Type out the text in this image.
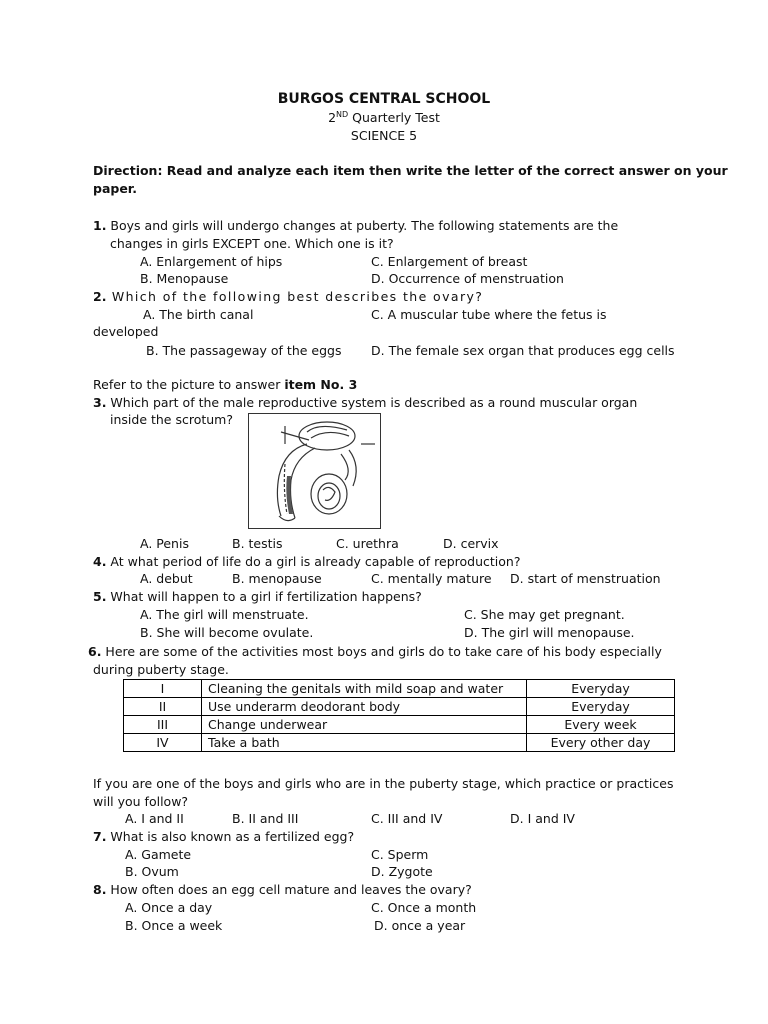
BURGOS CENTRAL SCHOOL
2ND Quarterly Test
SCIENCE 5
Direction: Read and analyze each item then write the letter of the correct answer on your
paper.
1. Boys and girls will undergo changes at puberty. The following statements are the
changes in girls EXCEPT one. Which one is it?
A. Enlargement of hips	C. Enlargement of breast
B. Menopause	D. Occurrence of menstruation
2. Which of the following best describes the ovary?
A. The birth canal	C. A muscular tube where the fetus is
developed
B. The passageway of the eggs D. The female sex organ that produces egg cells
Refer to the picture to answer item No. 3
3. Which part of the male reproductive system is described as a round muscular organ
inside the scrotum?
A. Penis	B. testis	C. urethra	D. cervix
4. At what period of life do a girl is already capable of reproduction?
A. debut	B. menopause	C. mentally mature D. start of menstruation
5. What will happen to a girl if fertilization happens?
A. The girl will menstruate.	C. She may get pregnant.
B. She will become ovulate.	D. The girl will menopause.
6. Here are some of the activities most boys and girls do to take care of his body especially
during puberty stage.
I	Cleaning the genitals with mild soap and water	Everyday
II	Use underarm deodorant body	Everyday
III	Change underwear	Every week
IV	Take a bath	Every other day
If you are one of the boys and girls who are in the puberty stage, which practice or practices
will you follow?
A. I and II	B. II and III	C. III and IV	D. I and IV
7. What is also known as a fertilized egg?
A. Gamete	C. Sperm
B. Ovum	D. Zygote
8. How often does an egg cell mature and leaves the ovary?
A. Once a day	C. Once a month
B. Once a week	D. once a year
